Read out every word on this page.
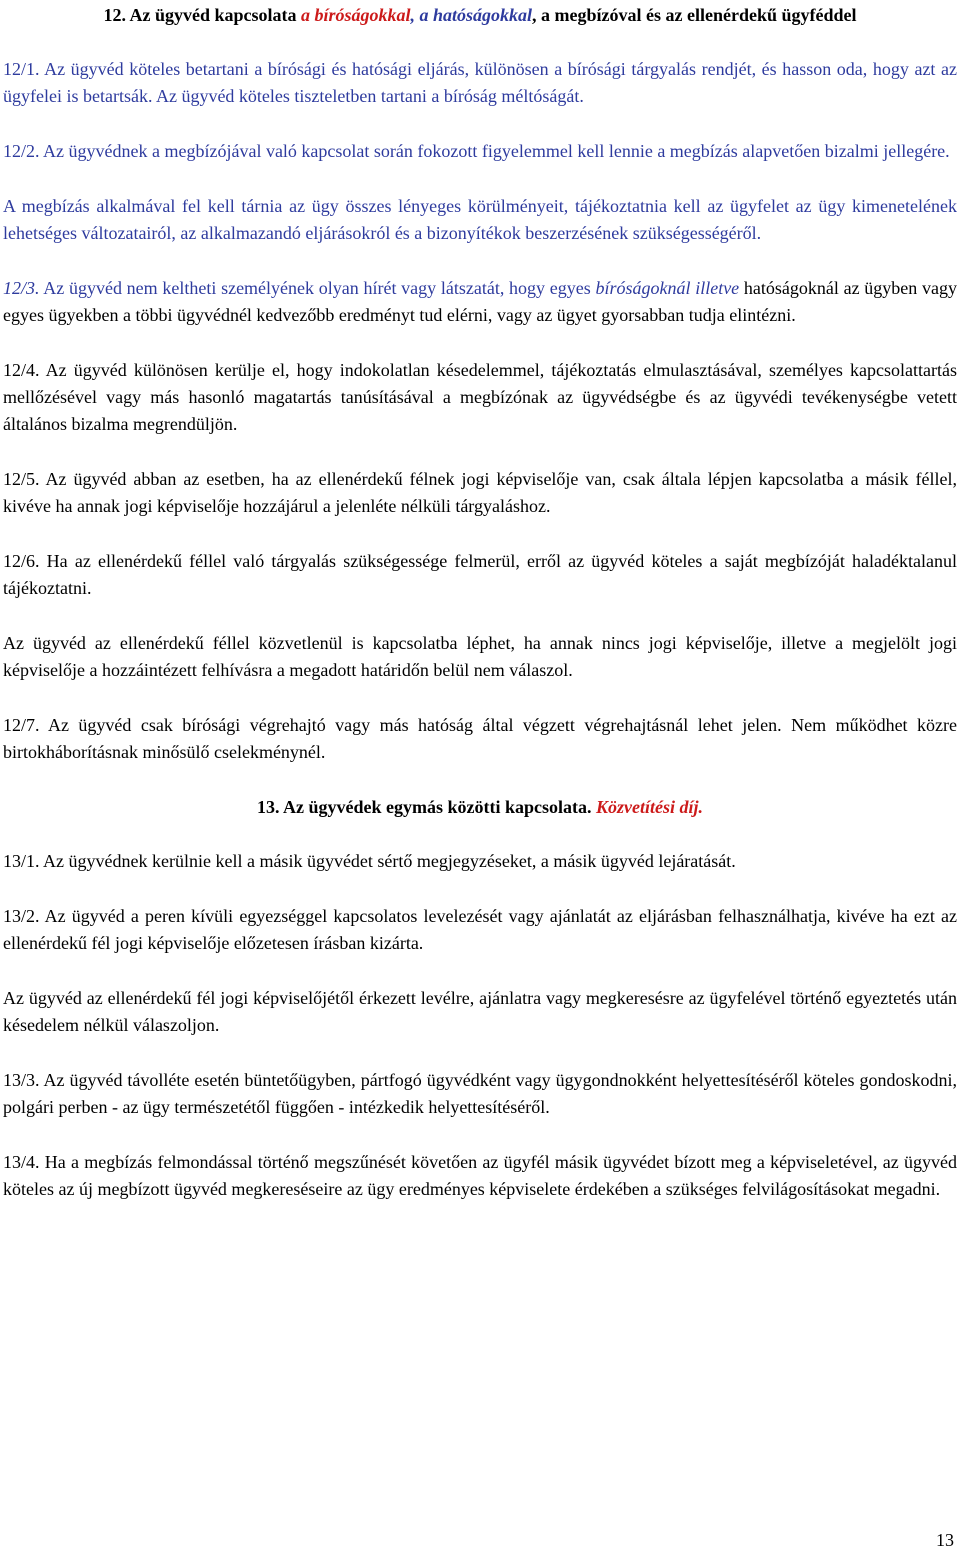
12. Az ügyvéd kapcsolata a bíróságokkal, a hatóságokkal, a megbízóval és az ellenérdekű ügyféddel

12/1. Az ügyvéd köteles betartani a bírósági és hatósági eljárás, különösen a bírósági tárgyalás rendjét, és hasson oda, hogy azt az ügyfelei is betartsák. Az ügyvéd köteles tiszteletben tartani a bíróság méltóságát.

12/2. Az ügyvédnek a megbízójával való kapcsolat során fokozott figyelemmel kell lennie a megbízás alapvetően bizalmi jellegére.

A megbízás alkalmával fel kell tárnia az ügy összes lényeges körülményeit, tájékoztatnia kell az ügyfelet az ügy kimenetelének lehetséges változatairól, az alkalmazandó eljárásokról és a bizonyítékok beszerzésének szükségességéről.

12/3. Az ügyvéd nem keltheti személyének olyan hírét vagy látszatát, hogy egyes bíróságoknál illetve hatóságoknál az ügyben vagy egyes ügyekben a többi ügyvédnél kedvezőbb eredményt tud elérni, vagy az ügyet gyorsabban tudja elintézni.

12/4. Az ügyvéd különösen kerülje el, hogy indokolatlan késedelemmel, tájékoztatás elmulasztásával, személyes kapcsolattartás mellőzésével vagy más hasonló magatartás tanúsításával a megbízónak az ügyvédségbe és az ügyvédi tevékenységbe vetett általános bizalma megrendüljön.

12/5. Az ügyvéd abban az esetben, ha az ellenérdekű félnek jogi képviselője van, csak általa lépjen kapcsolatba a másik féllel, kivéve ha annak jogi képviselője hozzájárul a jelenléte nélküli tárgyaláshoz.

12/6. Ha az ellenérdekű féllel való tárgyalás szükségessége felmerül, erről az ügyvéd köteles a saját megbízóját haladéktalanul tájékoztatni.

Az ügyvéd az ellenérdekű féllel közvetlenül is kapcsolatba léphet, ha annak nincs jogi képviselője, illetve a megjelölt jogi képviselője a hozzáintézett felhívásra a megadott határidőn belül nem válaszol.

12/7. Az ügyvéd csak bírósági végrehajtó vagy más hatóság által végzett végrehajtásnál lehet jelen. Nem működhet közre birtokháborításnak minősülő cselekménynél.

13. Az ügyvédek egymás közötti kapcsolata. Közvetítési díj.

13/1. Az ügyvédnek kerülnie kell a másik ügyvédet sértő megjegyzéseket, a másik ügyvéd lejáratását.

13/2. Az ügyvéd a peren kívüli egyezséggel kapcsolatos levelezését vagy ajánlatát az eljárásban felhasználhatja, kivéve ha ezt az ellenérdekű fél jogi képviselője előzetesen írásban kizárta.

Az ügyvéd az ellenérdekű fél jogi képviselőjétől érkezett levélre, ajánlatra vagy megkeresésre az ügyfelével történő egyeztetés után késedelem nélkül válaszoljon.

13/3. Az ügyvéd távolléte esetén büntetőügyben, pártfogó ügyvédként vagy ügygondnokként helyettesítéséről köteles gondoskodni, polgári perben - az ügy természetétől függően - intézkedik helyettesítéséről.

13/4. Ha a megbízás felmondással történő megszűnését követően az ügyfél másik ügyvédet bízott meg a képviseletével, az ügyvéd köteles az új megbízott ügyvéd megkereséseire az ügy eredményes képviselete érdekében a szükséges felvilágosításokat megadni.

13
